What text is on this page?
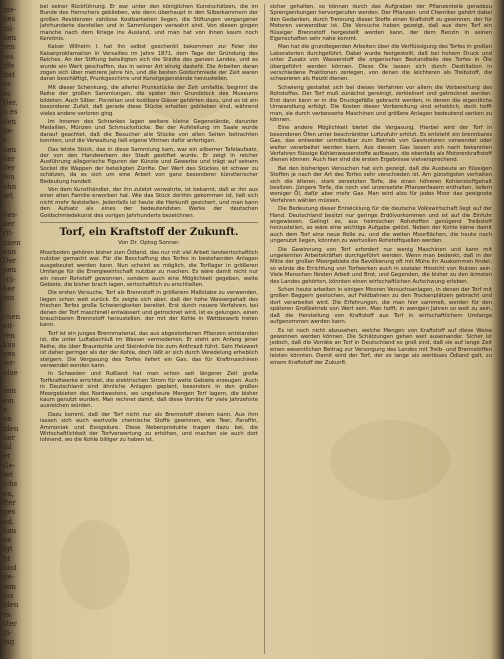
ine-
des
tal-
hen
ren
tes
iffe
itat
es
es
Der,
u es
den
ge-
s
nen
ner
der
ten
ohn
tet
Ses-
ber
rit-
nnen
enn
Der
pen
rifi-
her
inn
chen
eit-
ren
kus
ges
ter-
olae
iem
ein
e
en
iden
ner
ial
er
Ge-
tet
ichs
en,
fter
ges
nd,
hau
on
igt
bt
und
ge-
iem
ins
iden
es
ster
in-
ing

bei seiner Rückführung. Er war unter den königlichen Kunstschätzen, die im Bunde des Herrschers geblieben, wie denn überhaupt in den Silberkammern der großen Residenzen zahllose Kostbarkeiten liegen, die Stiftungen vergangener Jahrhunderte darstellen und in Sammlungen verwahrt sind. Von diesen gingen manche nach dem Kriege ins Ausland, und man hat von ihnen kaum noch Kenntnis.

Kaiser Wilhelm I. hat ihn selbst geschenkt bekommen zur Feier der Kaiserproklamation in Versailles im Jahre 1871, dem Tage der Gründung des Reiches. An der Stiftung beteiligten sich die Städte des ganzen Landes, und es wurde ein Werk geschaffen, das in seiner Art einzig dasteht. Die Arbeiten daran zogen sich über mehrere Jahre hin, und die besten Goldschmiede der Zeit waren daran beschäftigt, Prunkgeschirre und Kunstgegenstände herzustellen.

Mit dieser Schenkung, die allerlei Prunkstücke der Zeit umfaßte, beginnt die Reihe der großen Sammlungen, die später den Grundstock des Museums bildeten. Auch Silber, Porzellan und kostbare Gläser gehörten dazu, und es ist ein besonderer Zufall, daß gerade diese Stücke erhalten geblieben sind, während vieles andere verloren ging.

Im Inneren des Schrankes lagen weitere kleine Gegenstände, darunter Medaillen, Münzen und Schmuckstücke. Bei der Aufstellung im Saale wurde darauf geachtet, daß die Besucher alle Stücke von allen Seiten betrachten konnten, und die Verwaltung ließ eigene Vitrinen dafür anfertigen.

Das letzte Stück, das in diese Sammlung kam, war ein silberner Tafelaufsatz, der von den Handwerkern der Stadt gestiftet wurde. Er zeigt in reicher Ausführung allegorische Figuren der Künste und Gewerbe und trägt auf seinem Sockel die Wappen der beteiligten Zünfte. Der Wert des Stückes ist schwer zu schätzen, da es sich um eine Arbeit von ganz besonderer künstlerischer Bedeutung handelt.

Von dem Kunsthändler, der ihn zuletzt verwahrte, ist bekannt, daß er ihn aus einer alten Familie erworben hat. Wie das Stück dorthin gekommen ist, ließ sich nicht mehr feststellen. Jedenfalls ist heute die Herkunft gesichert, und man kann den Aufsatz als eines der bedeutendsten Werke der deutschen Goldschmiedekunst des vorigen Jahrhunderts bezeichnen.

Torf, ein Kraftstoff der Zukunft.
Von Dr. Optog Sonner.

Moorboden gehören bisher zum Ödland, das nur mit viel Arbeit landwirtschaftlich nutzbar gemacht war. Für die Beschaffung des Torfes in bestehenden Anlagen ausgebeutet werden kann. Nun scheint es möglich, die Torflager in größeren Umfange für die Energiewirtschaft nutzbar zu machen. Es wäre damit nicht nur ein neuer Rohstoff gewonnen, sondern auch eine Möglichkeit gegeben, weite Gebiete, die bisher brach lagen, wirtschaftlich zu erschließen.

Die ersten Versuche, Torf als Brennstoff in größerem Maßstabe zu verwenden, liegen schon weit zurück. Es zeigte sich aber, daß der hohe Wassergehalt des frischen Torfes große Schwierigkeiten bereitet. Erst durch neuere Verfahren, bei denen der Torf maschinell entwässert und getrocknet wird, ist es gelungen, einen brauchbaren Brennstoff herzustellen, der mit der Kohle in Wettbewerb treten kann.

Torf ist ein junges Brennmaterial, das aus abgestorbenen Pflanzen entstanden ist, die unter Luftabschluß im Wasser vermoderten. Er steht am Anfang jener Reihe, die über Braunkohle und Steinkohle bis zum Anthrazit führt. Sein Heizwert ist daher geringer als der der Kohle, doch läßt er sich durch Veredelung erheblich steigern. Die Vergasung des Torfes liefert ein Gas, das für Kraftmaschinen verwendet werden kann.

In Schweden und Rußland hat man schon seit längerer Zeit große Torfkraftwerke errichtet, die elektrischen Strom für weite Gebiete erzeugen. Auch in Deutschland sind ähnliche Anlagen geplant, besonders in den großen Moorgebieten des Nordwestens, wo ungeheure Mengen Torf lagern, die bisher kaum genutzt wurden. Man rechnet damit, daß diese Vorräte für viele Jahrzehnte ausreichen würden.

Dazu kommt, daß der Torf nicht nur als Brennstoff dienen kann. Aus ihm lassen sich auch wertvolle chemische Stoffe gewinnen, wie Teer, Paraffin, Ammoniak und Essigsäure. Diese Nebenprodukte tragen dazu bei, die Wirtschaftlichkeit der Torfverwertung zu erhöhen, und machen sie auch dort lohnend, wo die Kohle billiger zu haben ist.

sicher gehalten, so können durch das Aufgraben der Pflanzenteile geradezu Sprengwirkungen hervorgerufen werden. Der Pflanzen- und Chemiker gehört dabei den Gedanken, durch Trennung dieser Stoffe einen Kraftstoff zu gewinnen, der für Motoren verwendbar ist. Die Versuche haben gezeigt, daß aus dem Torf ein flüssiger Brennstoff hergestellt werden kann, der dem Benzin in seinen Eigenschaften sehr nahe kommt.

Man hat die grundlegenden Arbeiten über die Verflüssigung des Torfes in großen Laboratorien durchgeführt. Dabei wurde festgestellt, daß bei hohem Druck und unter Zusatz von Wasserstoff die organischen Bestandteile des Torfes in Öle übergeführt werden können. Diese Öle lassen sich durch Destillation in verschiedene Fraktionen zerlegen, von denen die leichteren als Treibstoff, die schwereren als Heizöl dienen.

Schwierig gestaltet sich bei diesen Verfahren vor allem die Vorbereitung des Rohstoffes. Der Torf muß zunächst gereinigt, zerkleinert und getrocknet werden. Erst dann kann er in die Druckgefäße gebracht werden, in denen die eigentliche Umwandlung erfolgt. Die Kosten dieser Vorbereitung sind erheblich, doch hofft man, sie durch verbesserte Maschinen und größere Anlagen bedeutend senken zu können.

Eine andere Möglichkeit bietet die Vergasung. Hierbei wird der Torf in besonderen Öfen unter beschränkter Luftzufuhr erhitzt. Es entsteht ein brennbares Gas, das entweder unmittelbar zum Betrieb von Gasmotoren verwendet oder weiter verarbeitet werden kann. Aus diesem Gas lassen sich nach bekannten Verfahren flüssige Kohlenwasserstoffe aufbauen, die ebenfalls als Motorenkraftstoff dienen können. Auch hier sind die ersten Ergebnisse vielversprechend.

Bei den bisherigen Versuchen hat sich gezeigt, daß die Ausbeute an flüssigen Stoffen je nach der Art des Torfes sehr verschieden ist. Am günstigsten verhalten sich die älteren, stark zersetzten Torfe, die einen höheren Kohlenstoffgehalt besitzen. Jüngere Torfe, die noch viel unzersetzte Pflanzenfasern enthalten, liefern weniger Öl, dafür aber mehr Gas. Man wird also für jedes Moor das geeignete Verfahren wählen müssen.

Die Bedeutung dieser Entwicklung für die deutsche Volkswirtschaft liegt auf der Hand. Deutschland besitzt nur geringe Erdölvorkommen und ist auf die Einfuhr angewiesen. Gelingt es, aus heimischen Rohstoffen genügend Treibstoff herzustellen, so wäre eine wichtige Aufgabe gelöst. Neben der Kohle käme damit auch dem Torf eine neue Rolle zu, und die weiten Moorflächen, die heute noch ungenutzt liegen, könnten zu wertvollen Rohstoffquellen werden.

Die Gewinnung von Torf erfordert nur wenig Maschinen und kann mit ungelernten Arbeitskräften durchgeführt werden. Wenn man bedenkt, daß in der Mitte der großen Moorgebiete die Bevölkerung oft mit Mühe ihr Auskommen findet, so würde die Errichtung von Torfwerken auch in sozialer Hinsicht von Nutzen sein. Viele Menschen fänden Arbeit und Brot, und Gegenden, die bisher zu den ärmsten des Landes gehörten, könnten einen wirtschaftlichen Aufschwung erleben.

Schon heute arbeiten in einigen Mooren Versuchsanlagen, in denen der Torf mit großen Baggern gestochen, auf Feldbahnen zu den Trockenplätzen gebracht und dort verarbeitet wird. Die Erfahrungen, die man hier sammelt, werden für den späteren Großbetrieb von Wert sein. Man hofft, in wenigen Jahren so weit zu sein, daß die Herstellung von Kraftstoff aus Torf in wirtschaftlichem Umfange aufgenommen werden kann.

Es ist noch nicht abzusehen, welche Mengen von Kraftstoff auf diese Weise gewonnen werden können. Die Schätzungen gehen weit auseinander. Sicher ist jedoch, daß die Vorräte an Torf in Deutschland so groß sind, daß sie auf lange Zeit einen wesentlichen Beitrag zur Versorgung des Landes mit Treib- und Brennstoffen leisten könnten. Damit wird der Torf, der so lange als wertloses Ödland galt, zu einem Kraftstoff der Zukunft.
